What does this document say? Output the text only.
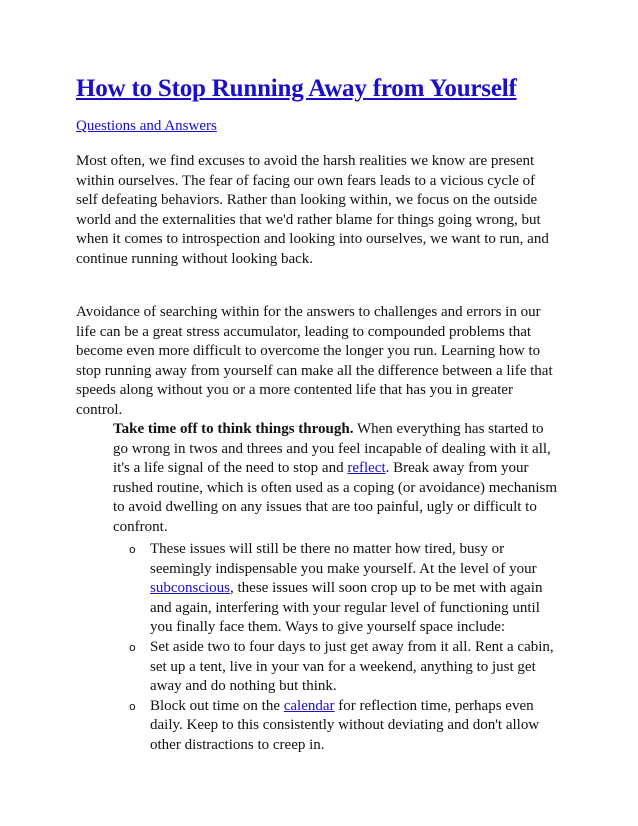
How to Stop Running Away from Yourself
Questions and Answers

Most often, we find excuses to avoid the harsh realities we know are present
within ourselves. The fear of facing our own fears leads to a vicious cycle of
self defeating behaviors. Rather than looking within, we focus on the outside
world and the externalities that we'd rather blame for things going wrong, but
when it comes to introspection and looking into ourselves, we want to run, and
continue running without looking back.

Avoidance of searching within for the answers to challenges and errors in our
life can be a great stress accumulator, leading to compounded problems that
become even more difficult to overcome the longer you run. Learning how to
stop running away from yourself can make all the difference between a life that
speeds along without you or a more contented life that has you in greater
control.

Take time off to think things through. When everything has started to
go wrong in twos and threes and you feel incapable of dealing with it all,
it's a life signal of the need to stop and reflect. Break away from your
rushed routine, which is often used as a coping (or avoidance) mechanism
to avoid dwelling on any issues that are too painful, ugly or difficult to
confront.

o These issues will still be there no matter how tired, busy or
seemingly indispensable you make yourself. At the level of your
subconscious, these issues will soon crop up to be met with again
and again, interfering with your regular level of functioning until
you finally face them. Ways to give yourself space include:
o Set aside two to four days to just get away from it all. Rent a cabin,
set up a tent, live in your van for a weekend, anything to just get
away and do nothing but think.
o Block out time on the calendar for reflection time, perhaps even
daily. Keep to this consistently without deviating and don't allow
other distractions to creep in.
